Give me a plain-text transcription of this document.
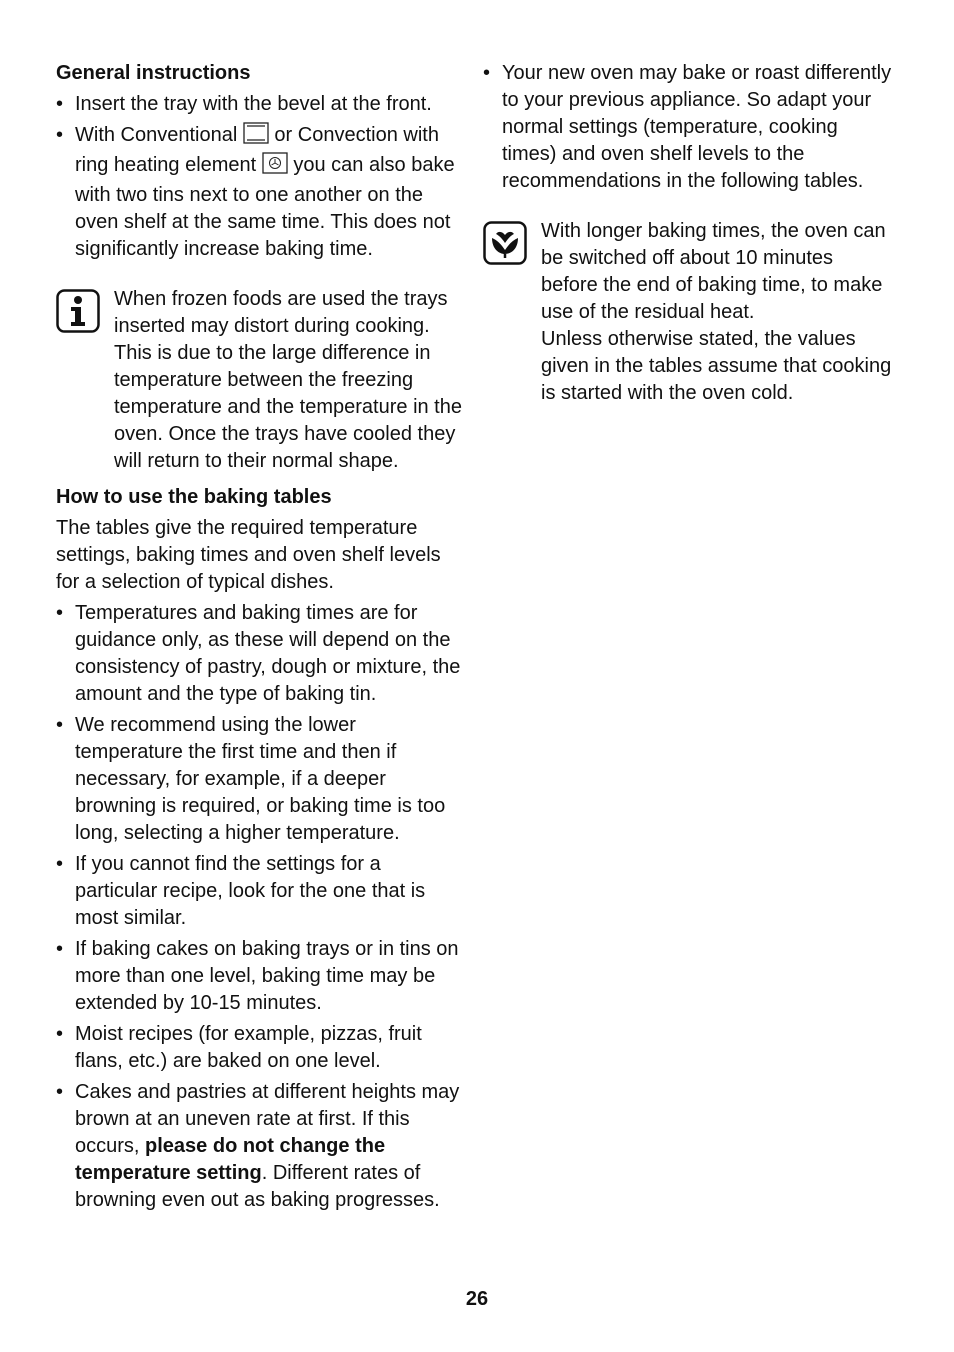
General instructions
• Insert the tray with the bevel at the front.
• With Conventional  or Convection with ring heating element  you can also bake with two tins next to one another on the oven shelf at the same time. This does not significantly increase baking time.

When frozen foods are used the trays inserted may distort during cooking. This is due to the large difference in temperature between the freezing temperature and the temperature in the oven. Once the trays have cooled they will return to their normal shape.

How to use the baking tables

The tables give the required temperature settings, baking times and oven shelf levels for a selection of typical dishes.

• Temperatures and baking times are for guidance only, as these will depend on the consistency of pastry, dough or mixture, the amount and the type of baking tin.
• We recommend using the lower temperature the first time and then if necessary, for example, if a deeper browning is required, or baking time is too long, selecting a higher temperature.
• If you cannot find the settings for a particular recipe, look for the one that is most similar.
• If baking cakes on baking trays or in tins on more than one level, baking time may be extended by 10-15 minutes.
• Moist recipes (for example, pizzas, fruit flans, etc.) are baked on one level.
• Cakes and pastries at different heights may brown at an uneven rate at first. If this occurs, please do not change the temperature setting. Different rates of browning even out as baking progresses.
• Your new oven may bake or roast differently to your previous appliance. So adapt your normal settings (temperature, cooking times) and oven shelf levels to the recommendations in the following tables.

With longer baking times, the oven can be switched off about 10 minutes before the end of baking time, to make use of the residual heat.

Unless otherwise stated, the values given in the tables assume that cooking is started with the oven cold.

26
